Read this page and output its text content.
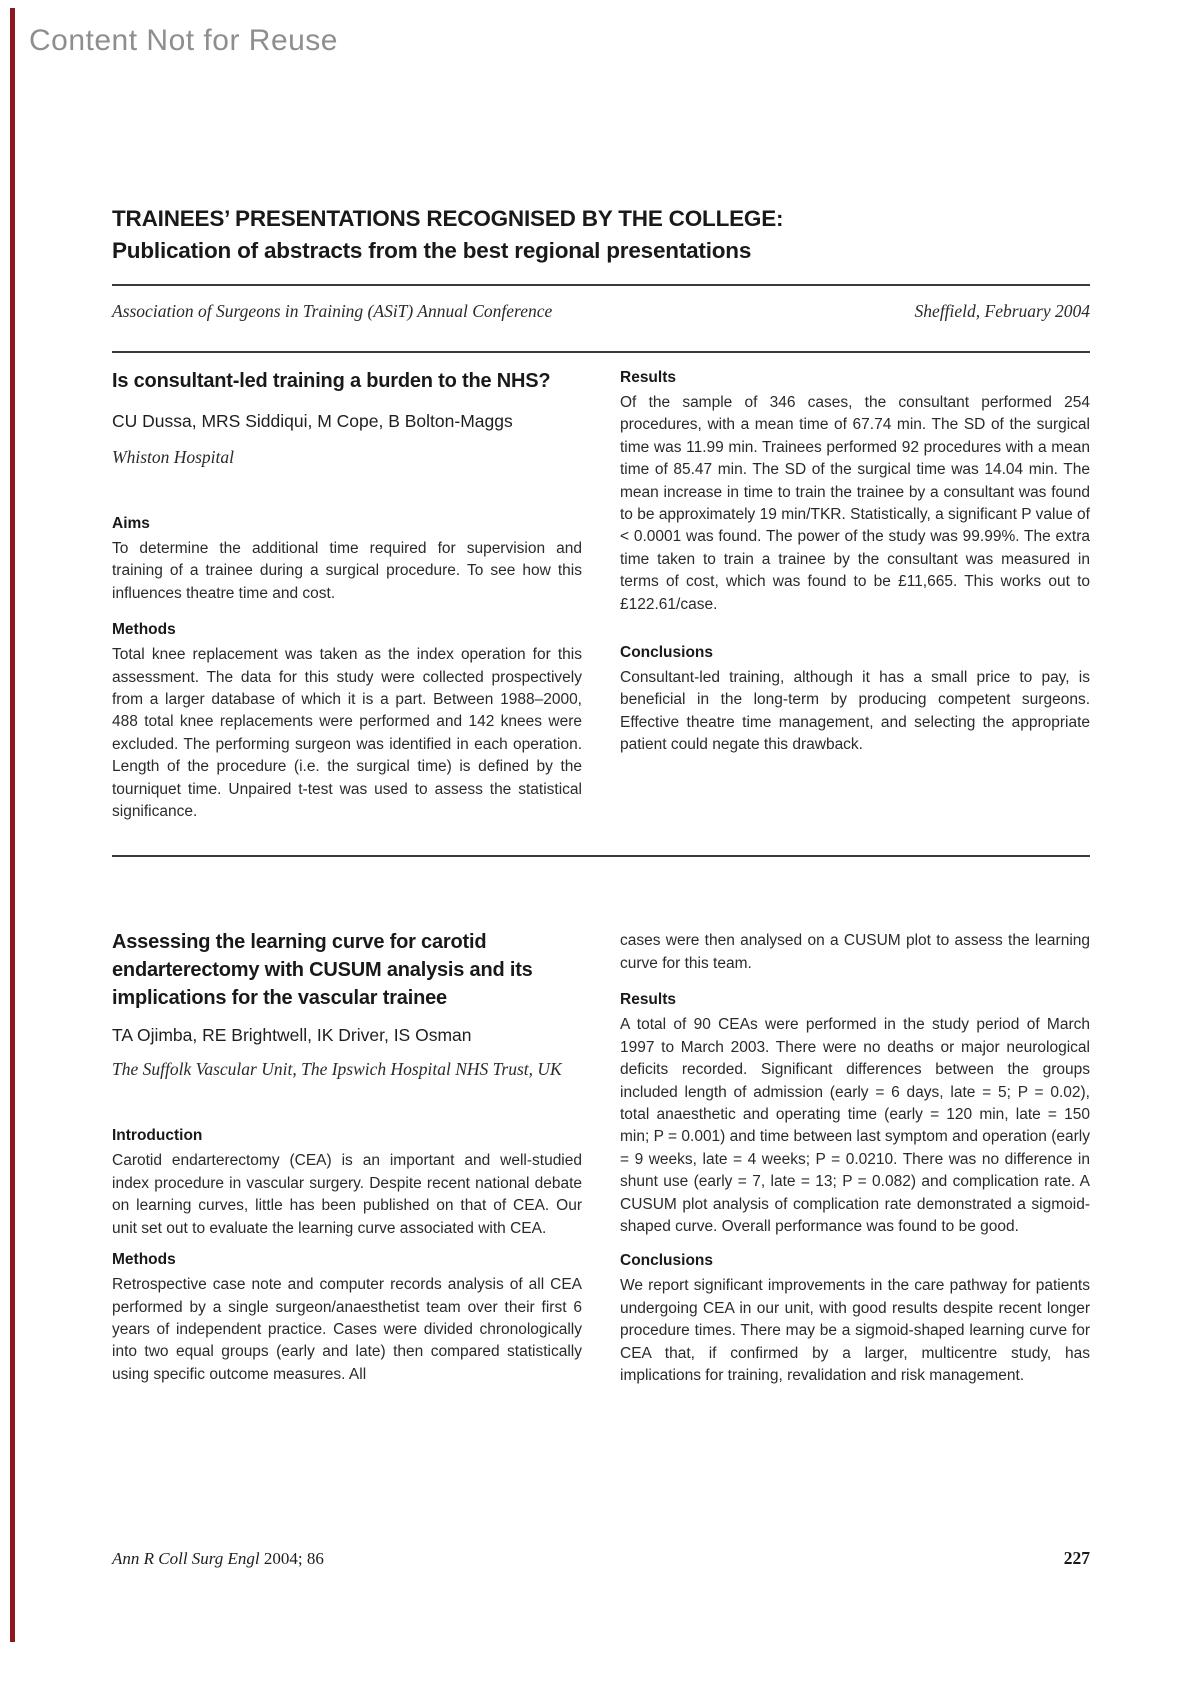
Content Not for Reuse
TRAINEES’ PRESENTATIONS RECOGNISED BY THE COLLEGE:
Publication of abstracts from the best regional presentations
Association of Surgeons in Training (ASiT) Annual Conference	Sheffield, February 2004
Is consultant-led training a burden to the NHS?
CU Dussa, MRS Siddiqui, M Cope, B Bolton-Maggs
Whiston Hospital
Aims

To determine the additional time required for supervision and training of a trainee during a surgical procedure. To see how this influences theatre time and cost.

Methods

Total knee replacement was taken as the index operation for this assessment. The data for this study were collected prospectively from a larger database of which it is a part. Between 1988–2000, 488 total knee replacements were performed and 142 knees were excluded. The performing surgeon was identified in each operation. Length of the procedure (i.e. the surgical time) is defined by the tourniquet time. Unpaired t-test was used to assess the statistical significance.

Results

Of the sample of 346 cases, the consultant performed 254 procedures, with a mean time of 67.74 min. The SD of the surgical time was 11.99 min. Trainees performed 92 procedures with a mean time of 85.47 min. The SD of the surgical time was 14.04 min. The mean increase in time to train the trainee by a consultant was found to be approximately 19 min/TKR. Statistically, a significant P value of < 0.0001 was found. The power of the study was 99.99%. The extra time taken to train a trainee by the consultant was measured in terms of cost, which was found to be £11,665. This works out to £122.61/case.

Conclusions

Consultant-led training, although it has a small price to pay, is beneficial in the long-term by producing competent surgeons. Effective theatre time management, and selecting the appropriate patient could negate this drawback.

Assessing the learning curve for carotid endarterectomy with CUSUM analysis and its implications for the vascular trainee
TA Ojimba, RE Brightwell, IK Driver, IS Osman
The Suffolk Vascular Unit, The Ipswich Hospital NHS Trust, UK
Introduction

Carotid endarterectomy (CEA) is an important and well-studied index procedure in vascular surgery. Despite recent national debate on learning curves, little has been published on that of CEA. Our unit set out to evaluate the learning curve associated with CEA.

Methods

Retrospective case note and computer records analysis of all CEA performed by a single surgeon/anaesthetist team over their first 6 years of independent practice. Cases were divided chronologically into two equal groups (early and late) then compared statistically using specific outcome measures. All

cases were then analysed on a CUSUM plot to assess the learning curve for this team.

Results

A total of 90 CEAs were performed in the study period of March 1997 to March 2003. There were no deaths or major neurological deficits recorded. Significant differences between the groups included length of admission (early = 6 days, late = 5; P = 0.02), total anaesthetic and operating time (early = 120 min, late = 150 min; P = 0.001) and time between last symptom and operation (early = 9 weeks, late = 4 weeks; P = 0.0210. There was no difference in shunt use (early = 7, late = 13; P = 0.082) and complication rate. A CUSUM plot analysis of complication rate demonstrated a sigmoid-shaped curve. Overall performance was found to be good.

Conclusions

We report significant improvements in the care pathway for patients undergoing CEA in our unit, with good results despite recent longer procedure times. There may be a sigmoid-shaped learning curve for CEA that, if confirmed by a larger, multicentre study, has implications for training, revalidation and risk management.

Ann R Coll Surg Engl 2004; 86	227
